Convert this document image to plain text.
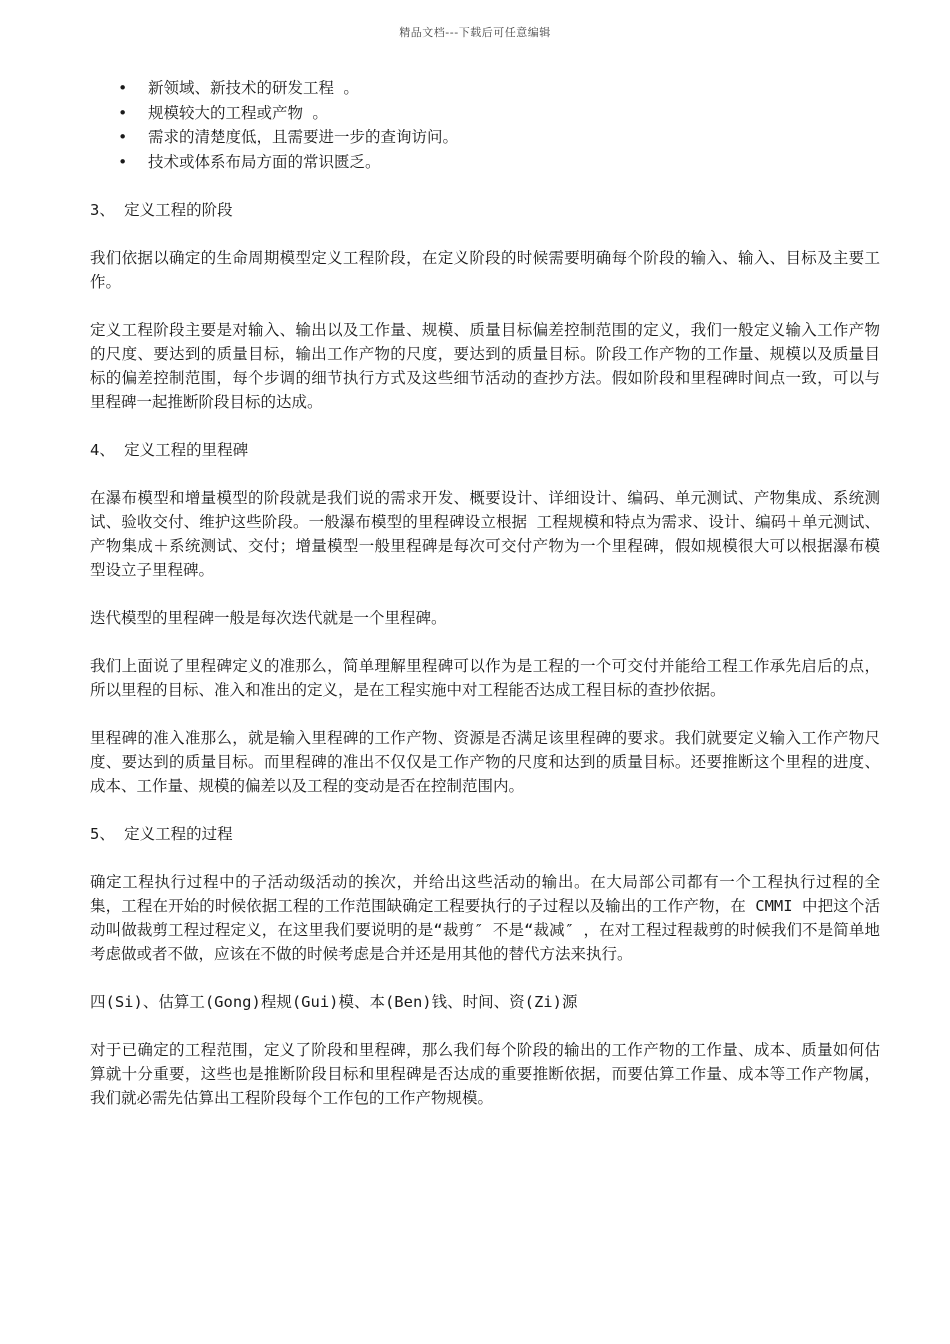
精品文档---下载后可任意编辑
• 新领域、新技术的研发工程 。
• 规模较大的工程或产物 。
• 需求的清楚度低，且需要进一步的查询访问。
• 技术或体系布局方面的常识匮乏。
3、 定义工程的阶段
我们依据以确定的生命周期模型定义工程阶段，在定义阶段的时候需要明确每个阶段的输入、输入、目标及主要工作。
定义工程阶段主要是对输入、输出以及工作量、规模、质量目标偏差控制范围的定义，我们一般定义输入工作产物的尺度、要达到的质量目标，输出工作产物的尺度，要达到的质量目标。阶段工作产物的工作量、规模以及质量目标的偏差控制范围，每个步调的细节执行方式及这些细节活动的查抄方法。假如阶段和里程碑时间点一致，可以与里程碑一起推断阶段目标的达成。
4、 定义工程的里程碑
在瀑布模型和增量模型的阶段就是我们说的需求开发、概要设计、详细设计、编码、单元测试、产物集成、系统测试、验收交付、维护这些阶段。一般瀑布模型的里程碑设立根据 工程规模和特点为需求、设计、编码＋单元测试、产物集成＋系统测试、交付；增量模型一般里程碑是每次可交付产物为一个里程碑，假如规模很大可以根据瀑布模型设立子里程碑。
迭代模型的里程碑一般是每次迭代就是一个里程碑。
我们上面说了里程碑定义的准那么，简单理解里程碑可以作为是工程的一个可交付并能给工程工作承先启后的点，所以里程的目标、准入和准出的定义，是在工程实施中对工程能否达成工程目标的查抄依据。
里程碑的准入准那么，就是输入里程碑的工作产物、资源是否满足该里程碑的要求。我们就要定义输入工作产物尺度、要达到的质量目标。而里程碑的准出不仅仅是工作产物的尺度和达到的质量目标。还要推断这个里程的进度、成本、工作量、规模的偏差以及工程的变动是否在控制范围内。
5、 定义工程的过程
确定工程执行过程中的子活动级活动的挨次，并给出这些活动的输出。在大局部公司都有一个工程执行过程的全集，工程在开始的时候依据工程的工作范围缺确定工程要执行的子过程以及输出的工作产物，在 CMMI 中把这个活动叫做裁剪工程过程定义，在这里我们要说明的是“裁剪″ 不是“裁减″ ，在对工程过程裁剪的时候我们不是简单地考虑做或者不做，应该在不做的时候考虑是合并还是用其他的替代方法来执行。
四(Si)、估算工(Gong)程规(Gui)模、本(Ben)钱、时间、资(Zi)源
对于已确定的工程范围，定义了阶段和里程碑，那么我们每个阶段的输出的工作产物的工作量、成本、质量如何估算就十分重要，这些也是推断阶段目标和里程碑是否达成的重要推断依据，而要估算工作量、成本等工作产物属，我们就必需先估算出工程阶段每个工作包的工作产物规模。
